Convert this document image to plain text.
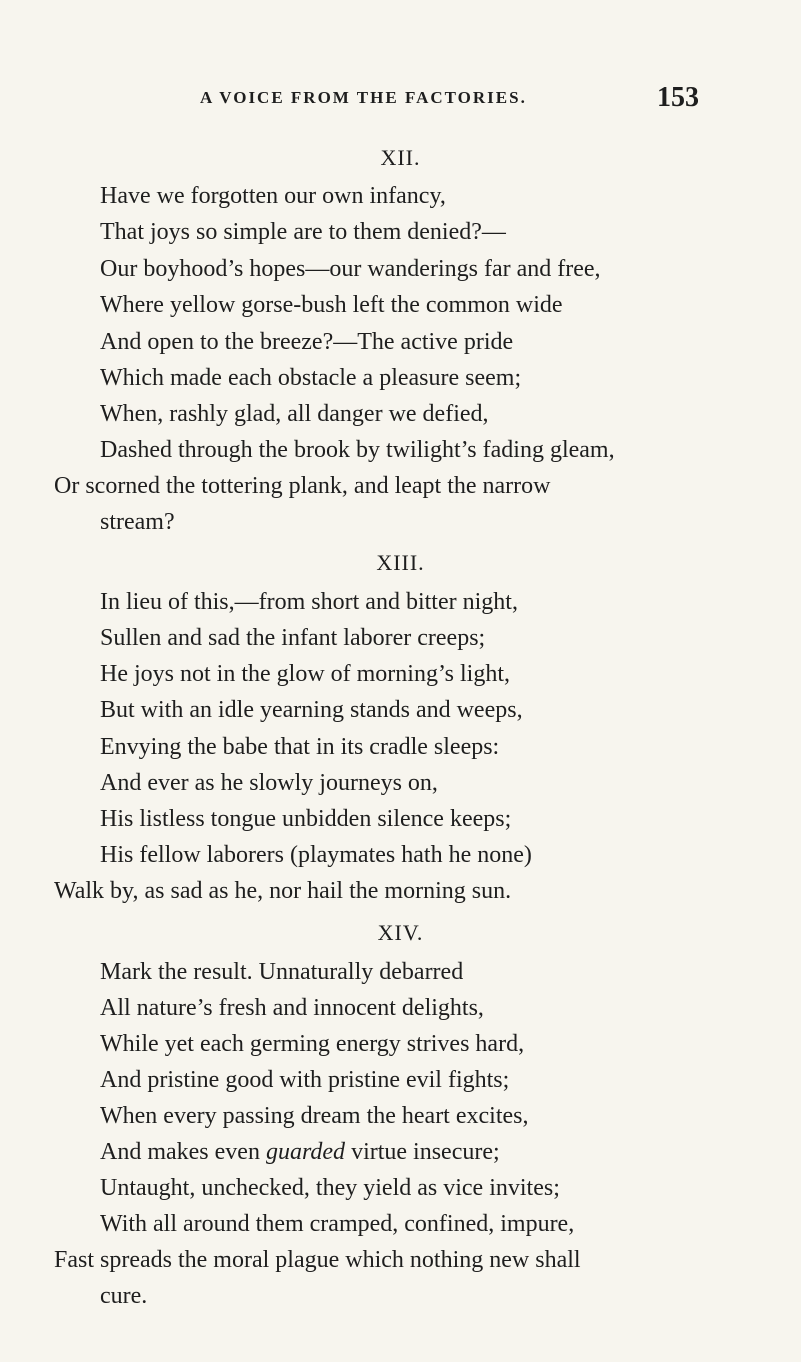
A VOICE FROM THE FACTORIES.	153
XII.
Have we forgotten our own infancy,
That joys so simple are to them denied?—
Our boyhood’s hopes—our wanderings far and free,
Where yellow gorse-bush left the common wide
And open to the breeze?—The active pride
Which made each obstacle a pleasure seem;
When, rashly glad, all danger we defied,
Dashed through the brook by twilight’s fading gleam,
Or scorned the tottering plank, and leapt the narrow
stream?
XIII.
In lieu of this,—from short and bitter night,
Sullen and sad the infant laborer creeps;
He joys not in the glow of morning’s light,
But with an idle yearning stands and weeps,
Envying the babe that in its cradle sleeps:
And ever as he slowly journeys on,
His listless tongue unbidden silence keeps;
His fellow laborers (playmates hath he none)
Walk by, as sad as he, nor hail the morning sun.
XIV.
Mark the result. Unnaturally debarred
All nature’s fresh and innocent delights,
While yet each germing energy strives hard,
And pristine good with pristine evil fights;
When every passing dream the heart excites,
And makes even guarded virtue insecure;
Untaught, unchecked, they yield as vice invites;
With all around them cramped, confined, impure,
Fast spreads the moral plague which nothing new shall
cure.
